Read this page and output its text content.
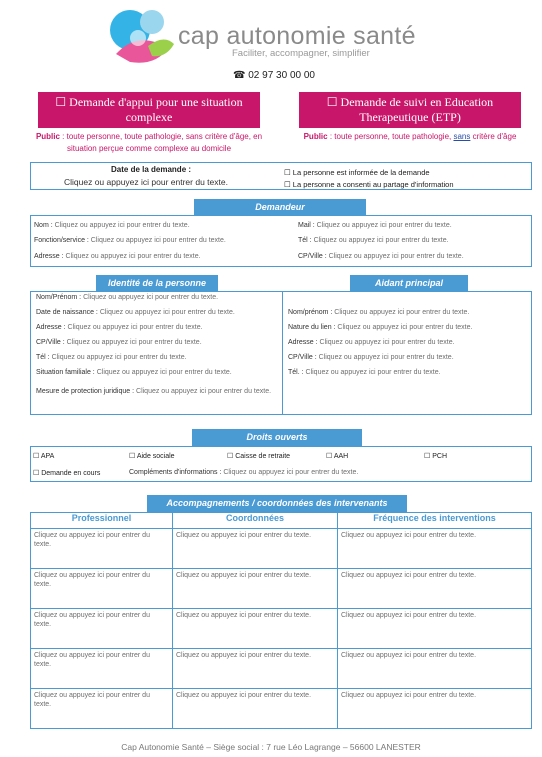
cap autonomie santé
Faciliter, accompagner, simplifier
☎ 02 97 30 00 00
☐ Demande d'appui pour une situation complexe
☐ Demande de suivi en Education Therapeutique (ETP)
Public : toute personne, toute pathologie, sans critère d'âge, en situation perçue comme complexe au domicile
Public : toute personne, toute pathologie, sans critère d'âge
Date de la demande :
Cliquez ou appuyez ici pour entrer du texte.
☐ La personne est informée de la demande
☐ La personne a consenti au partage d'information
Demandeur
Nom : Cliquez ou appuyez ici pour entrer du texte.
Fonction/service : Cliquez ou appuyez ici pour entrer du texte.
Adresse : Cliquez ou appuyez ici pour entrer du texte.
Mail : Cliquez ou appuyez ici pour entrer du texte.
Tél : Cliquez ou appuyez ici pour entrer du texte.
CP/Ville : Cliquez ou appuyez ici pour entrer du texte.
Identité de la personne	Aidant principal
Nom/Prénom : Cliquez ou appuyez ici pour entrer du texte.
Date de naissance : Cliquez ou appuyez ici pour entrer du texte.
Adresse : Cliquez ou appuyez ici pour entrer du texte.
CP/Ville : Cliquez ou appuyez ici pour entrer du texte.
Tél : Cliquez ou appuyez ici pour entrer du texte.
Situation familiale : Cliquez ou appuyez ici pour entrer du texte.
Mesure de protection juridique : Cliquez ou appuyez ici pour entrer du texte.
Nom/prénom : Cliquez ou appuyez ici pour entrer du texte.
Nature du lien : Cliquez ou appuyez ici pour entrer du texte.
Adresse : Cliquez ou appuyez ici pour entrer du texte.
CP/Ville : Cliquez ou appuyez ici pour entrer du texte.
Tél. : Cliquez ou appuyez ici pour entrer du texte.
Droits ouverts
☐ APA	☐ Aide sociale	☐ Caisse de retraite	☐ AAH	☐ PCH
☐ Demande en cours	Compléments d'informations : Cliquez ou appuyez ici pour entrer du texte.
Accompagnements / coordonnées des intervenants
Professionnel	Coordonnées	Fréquence des interventions
Cliquez ou appuyez ici pour entrer du texte.	Cliquez ou appuyez ici pour entrer du texte.	Cliquez ou appuyez ici pour entrer du texte.
Cliquez ou appuyez ici pour entrer du texte.	Cliquez ou appuyez ici pour entrer du texte.	Cliquez ou appuyez ici pour entrer du texte.
Cliquez ou appuyez ici pour entrer du texte.	Cliquez ou appuyez ici pour entrer du texte.	Cliquez ou appuyez ici pour entrer du texte.
Cliquez ou appuyez ici pour entrer du texte.	Cliquez ou appuyez ici pour entrer du texte.	Cliquez ou appuyez ici pour entrer du texte.
Cliquez ou appuyez ici pour entrer du texte.	Cliquez ou appuyez ici pour entrer du texte.	Cliquez ou appuyez ici pour entrer du texte.
Cap Autonomie Santé – Siège social : 7 rue Léo Lagrange – 56600 LANESTER
